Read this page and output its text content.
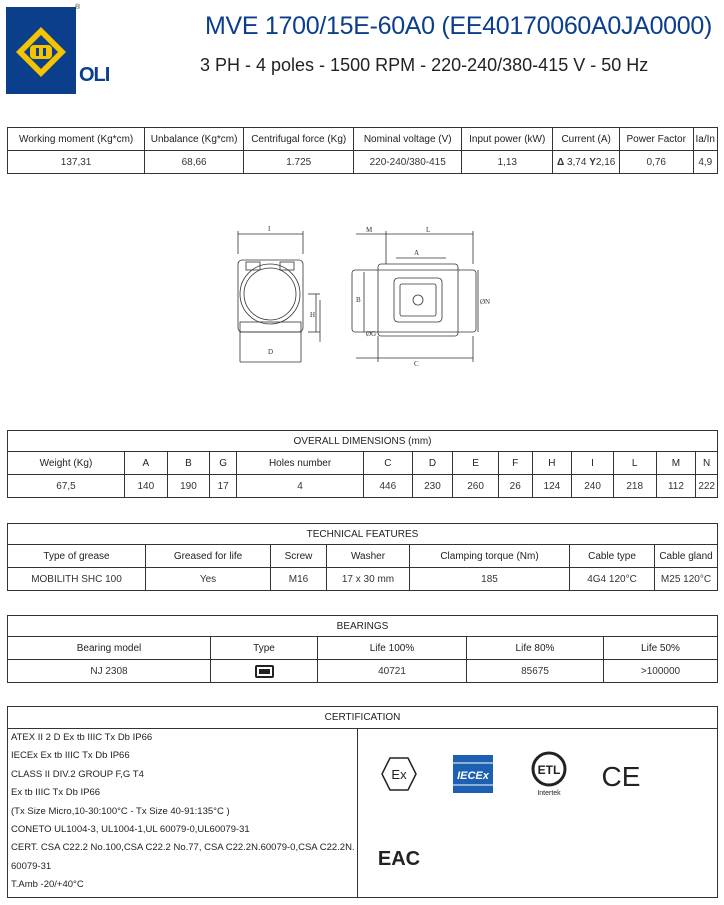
®
OLI
MVE 1700/15E-60A0 (EE40170060A0JA0000)
3 PH - 4 poles - 1500 RPM - 220-240/380-415 V - 50 Hz
Working moment (Kg*cm)	Unbalance (Kg*cm)	Centrifugal force (Kg)	Nominal voltage (V)	Input power (kW)	Current (A)	Power Factor	Ia/In
137,31	68,66	1.725	220-240/380-415	1,13	Δ 3,74 Y2,16	0,76	4,9
I
D
H
M	L
A
B	ØN
C
ØG
OVERALL DIMENSIONS (mm)													
Weight (Kg)	A	B	G	Holes number	C	D	E	F	H	I	L	M	N
67,5	140	190	17	4	446	230	260	26	124	240	218	112	222
TECHNICAL FEATURES						
Type of grease	Greased for life	Screw	Washer	Clamping torque (Nm)	Cable type	Cable gland
MOBILITH SHC 100	Yes	M16	17 x 30 mm	185	4G4 120°C	M25 120°C
BEARINGS				
Bearing model	Type	Life 100%	Life 80%	Life 50%
NJ 2308		40721	85675	>100000
CERTIFICATION
ATEX II 2 D Ex tb IIIC Tx Db IP66
IECEx Ex tb IIIC Tx Db IP66
CLASS II DIV.2 GROUP F,G T4
Ex tb IIIC Tx Db IP66
(Tx Size Micro,10-30:100°C - Tx Size 40-91:135°C )
CONETO UL1004-3, UL1004-1,UL 60079-0,UL60079-31
CERT. CSA C22.2 No.100,CSA C22.2 No.77, CSA C22.2N.60079-0,CSA C22.2N.
60079-31
T.Amb -20/+40°C
Ex	IECEx	ETL
Intertek
CE
EAC
